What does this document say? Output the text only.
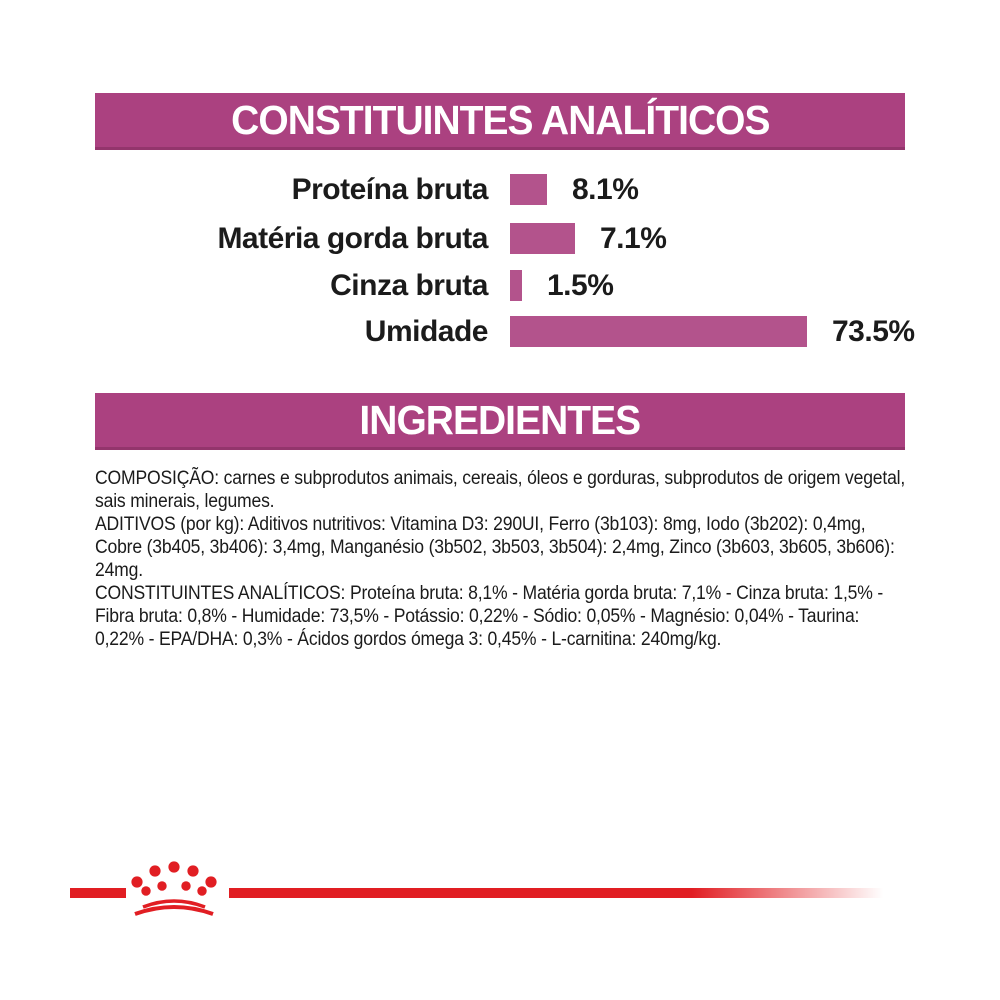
CONSTITUINTES ANALÍTICOS
Proteína bruta	8.1%
Matéria gorda bruta	7.1%
Cinza bruta 1.5%
Umidade	73.5%
INGREDIENTES

COMPOSIÇÃO: carnes e subprodutos animais, cereais, óleos e gorduras, subprodutos de origem vegetal, sais minerais, legumes.

ADITIVOS (por kg): Aditivos nutritivos: Vitamina D3: 290UI, Ferro (3b103): 8mg, Iodo (3b202): 0,4mg, Cobre (3b405, 3b406): 3,4mg, Manganésio (3b502, 3b503, 3b504): 2,4mg, Zinco (3b603, 3b605, 3b606): 24mg.

CONSTITUINTES ANALÍTICOS: Proteína bruta: 8,1% - Matéria gorda bruta: 7,1% - Cinza bruta: 1,5% - Fibra bruta: 0,8% - Humidade: 73,5% - Potássio: 0,22% - Sódio: 0,05% - Magnésio: 0,04% - Taurina: 0,22% - EPA/DHA: 0,3% - Ácidos gordos ómega 3: 0,45% - L-carnitina: 240mg/kg.
